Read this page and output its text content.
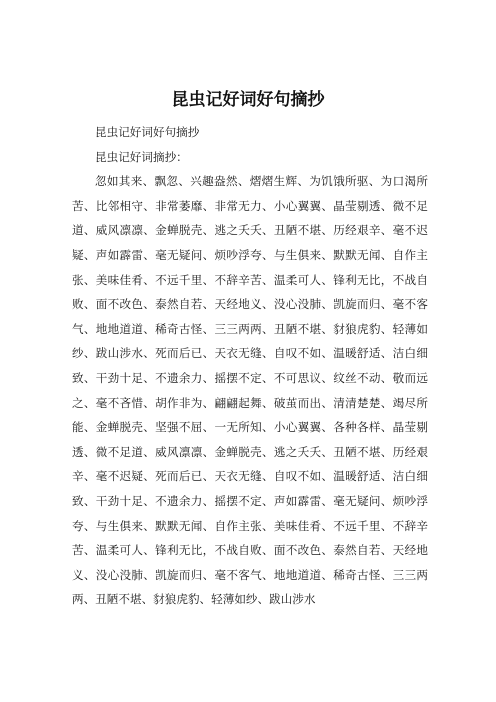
昆虫记好词好句摘抄

昆虫记好词好句摘抄

昆虫记好词摘抄：

忽如其来、飘忽、兴趣盎然、熠熠生辉、为饥饿所驱、为口渴所苦、比邻相守、非常萎靡、非常无力、小心翼翼、晶莹剔透、微不足道、威风凛凛、金蝉脱壳、逃之夭夭、丑陋不堪、历经艰辛、毫不迟疑、声如霹雷、毫无疑问、烦吵浮夸、与生俱来、默默无闻、自作主张、美味佳肴、不远千里、不辞辛苦、温柔可人、锋利无比，不战自败、面不改色、泰然自若、天经地义、没心没肺、凯旋而归、毫不客气、地地道道、稀奇古怪、三三两两、丑陋不堪、豺狼虎豹、轻薄如纱、跋山涉水、死而后已、天衣无缝、自叹不如、温暖舒适、洁白细致、干劲十足、不遗余力、摇摆不定、不可思议、纹丝不动、敬而远之、毫不吝惜、胡作非为、翩翩起舞、破茧而出、清清楚楚、竭尽所能、金蝉脱壳、坚强不屈、一无所知、小心翼翼、各种各样、晶莹剔透、微不足道、威风凛凛、金蝉脱壳、逃之夭夭、丑陋不堪、历经艰辛、毫不迟疑、死而后已、天衣无缝、自叹不如、温暖舒适、洁白细致、干劲十足、不遗余力、摇摆不定、声如霹雷、毫无疑问、烦吵浮夸、与生俱来、默默无闻、自作主张、美味佳肴、不远千里、不辞辛苦、温柔可人、锋利无比，不战自败、面不改色、泰然自若、天经地义、没心没肺、凯旋而归、毫不客气、地地道道、稀奇古怪、三三两两、丑陋不堪、豺狼虎豹、轻薄如纱、跋山涉水
